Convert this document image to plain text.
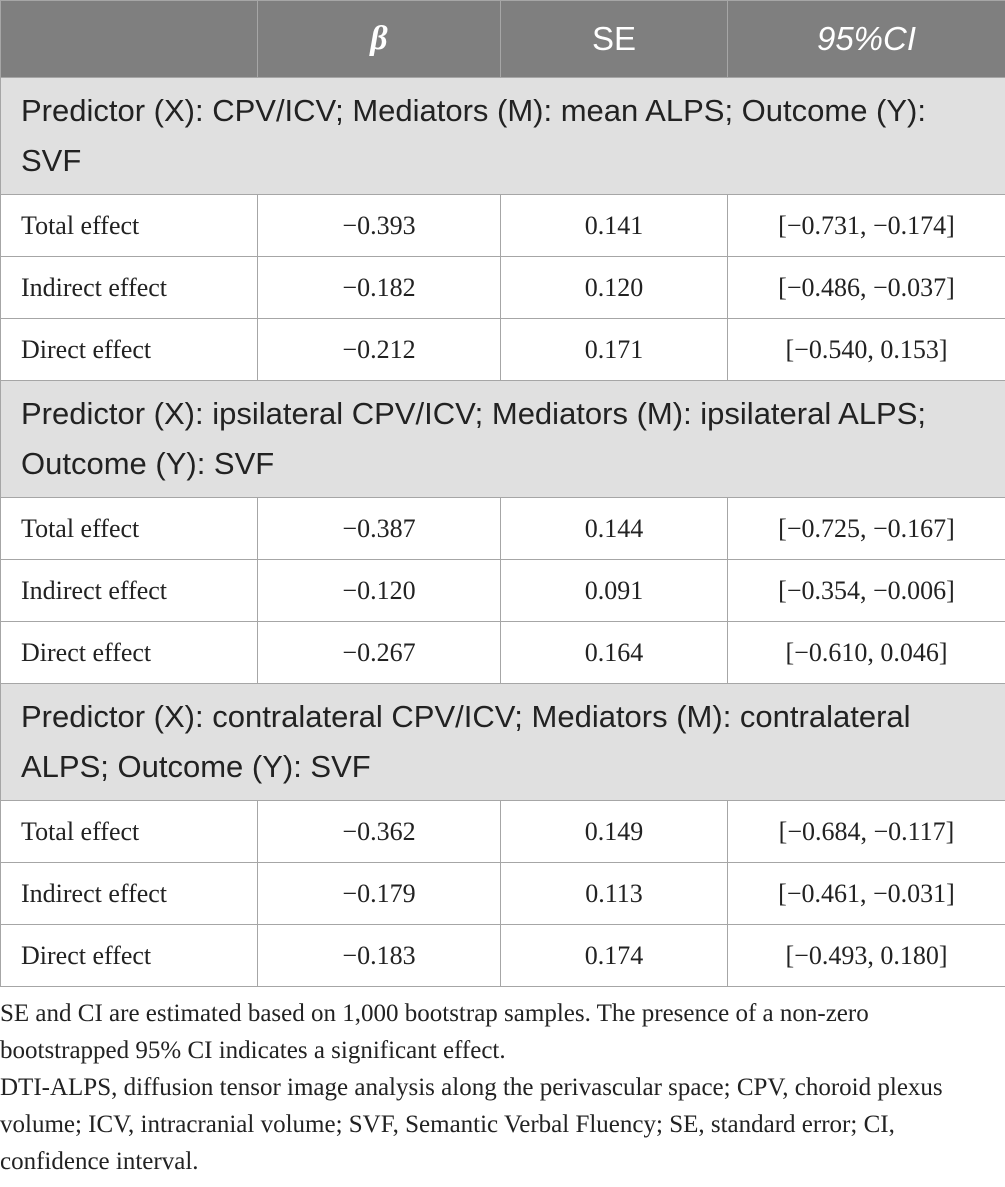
	β	SE	95%CI
Predictor (X): CPV/ICV; Mediators (M): mean ALPS; Outcome (Y): SVF			
Total effect	−0.393	0.141	[−0.731, −0.174]
Indirect effect	−0.182	0.120	[−0.486, −0.037]
Direct effect	−0.212	0.171	[−0.540, 0.153]
Predictor (X): ipsilateral CPV/ICV; Mediators (M): ipsilateral ALPS; Outcome (Y): SVF			
Total effect	−0.387	0.144	[−0.725, −0.167]
Indirect effect	−0.120	0.091	[−0.354, −0.006]
Direct effect	−0.267	0.164	[−0.610, 0.046]
Predictor (X): contralateral CPV/ICV; Mediators (M): contralateral ALPS; Outcome (Y): SVF			
Total effect	−0.362	0.149	[−0.684, −0.117]
Indirect effect	−0.179	0.113	[−0.461, −0.031]
Direct effect	−0.183	0.174	[−0.493, 0.180]

SE and CI are estimated based on 1,000 bootstrap samples. The presence of a non-zero bootstrapped 95% CI indicates a significant effect.

DTI-ALPS, diffusion tensor image analysis along the perivascular space; CPV, choroid plexus volume; ICV, intracranial volume; SVF, Semantic Verbal Fluency; SE, standard error; CI, confidence interval.
